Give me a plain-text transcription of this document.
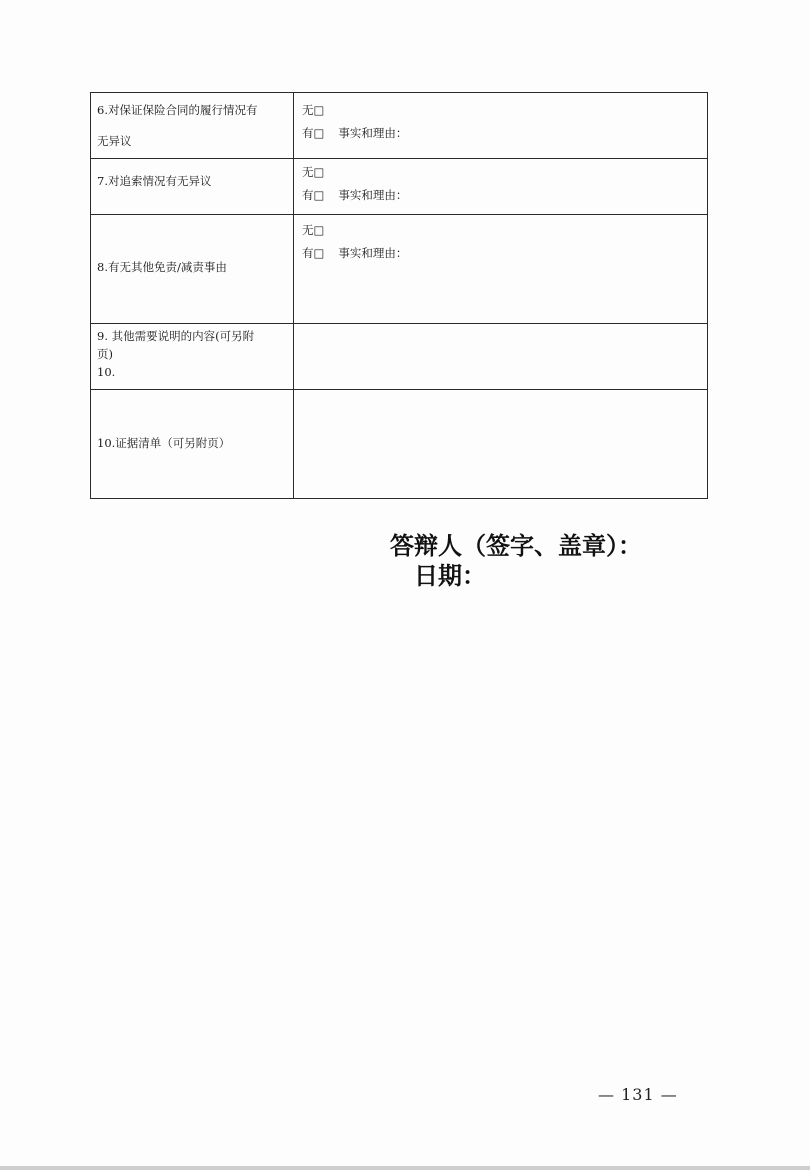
6.对保证保险合同的履行情况有
无异议	无□
有□ 事实和理由：

7.对追索情况有无异议	无□
有□ 事实和理由：

8.有无其他免责/减责事由	无□
有□ 事实和理由：

9. 其他需要说明的内容(可另附
页)
10.	

10.证据清单（可另附页）	

答辩人（签字、盖章）：
日期：
— 131 —
